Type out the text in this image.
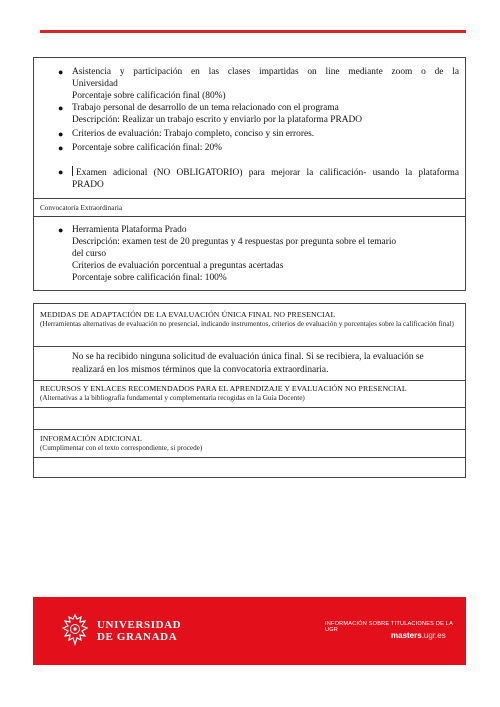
● Asistencia y participación en las clases impartidas on line mediante zoom o de la
Universidad
Porcentaje sobre calificación final (80%)
● Trabajo personal de desarrollo de un tema relacionado con el programa
Descripción: Realizar un trabajo escrito y enviarlo por la plataforma PRADO
● Criterios de evaluación: Trabajo completo, conciso y sin errores.
● Porcentaje sobre calificación final: 20%
●	Examen adicional (NO OBLIGATORIO) para mejorar la calificación- usando la plataforma
PRADO
Convocatoria Extraordinaria
● Herramienta Plataforma Prado
Descripción: examen test de 20 preguntas y 4 respuestas por pregunta sobre el temario
del curso
Criterios de evaluación porcentual a preguntas acertadas
Porcentaje sobre calificación final: 100%
MEDIDAS DE ADAPTACIÓN DE LA EVALUACIÓN ÚNICA FINAL NO PRESENCIAL
(Herramientas alternativas de evaluación no presencial, indicando instrumentos, criterios de evaluación y porcentajes sobre la calificación final)
No se ha recibido ninguna solicitud de evaluación única final. Si se recibiera, la evaluación se realizará en los mismos términos que la convocatoria extraordinaria.
RECURSOS Y ENLACES RECOMENDADOS PARA EL APRENDIZAJE Y EVALUACIÓN NO PRESENCIAL
(Alternativas a la bibliografía fundamental y complementaria recogidas en la Guía Docente)
INFORMACIÓN ADICIONAL
(Cumplimentar con el texto correspondiente, si procede)
UNIVERSIDAD
DE GRANADA
INFORMACIÓN SOBRE TITULACIONES DE LA UGR
masters.ugr.es
